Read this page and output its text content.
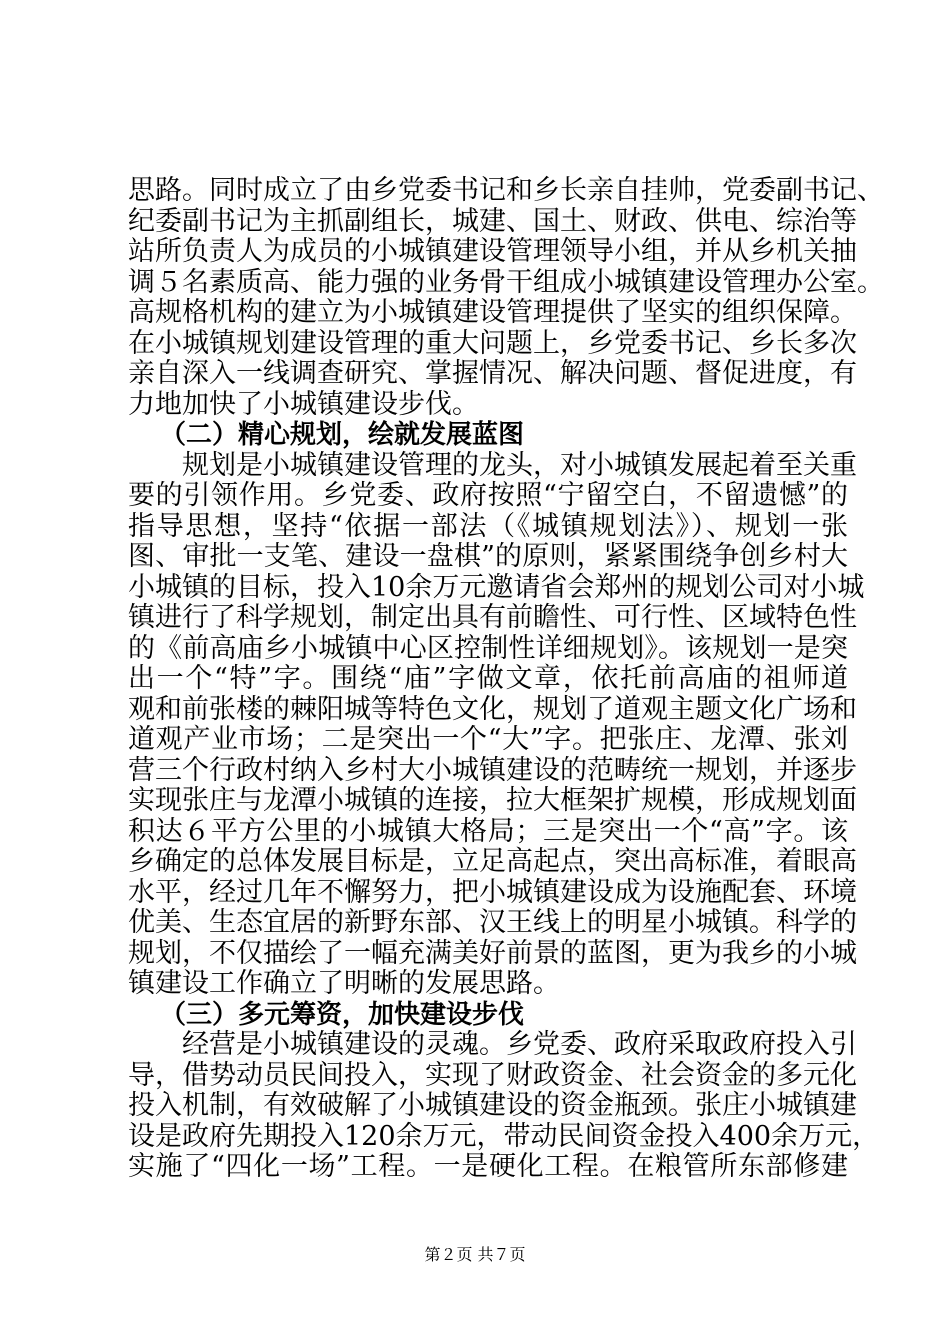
思路。同时成立了由乡党委书记和乡长亲自挂帅，党委副书记、
纪委副书记为主抓副组长，城建、国土、财政、供电、综治等
站所负责人为成员的小城镇建设管理领导小组，并从乡机关抽
调５名素质高、能力强的业务骨干组成小城镇建设管理办公室。
高规格机构的建立为小城镇建设管理提供了坚实的组织保障。
在小城镇规划建设管理的重大问题上，乡党委书记、乡长多次
亲自深入一线调查研究、掌握情况、解决问题、督促进度，有
力地加快了小城镇建设步伐。
（二）精心规划，绘就发展蓝图
规划是小城镇建设管理的龙头，对小城镇发展起着至关重
要的引领作用。乡党委、政府按照“宁留空白，不留遗憾”的
指导思想，坚持“依据一部法（《城镇规划法》）、规划一张
图、审批一支笔、建设一盘棋”的原则，紧紧围绕争创乡村大
小城镇的目标，投入10余万元邀请省会郑州的规划公司对小城
镇进行了科学规划，制定出具有前瞻性、可行性、区域特色性
的《前高庙乡小城镇中心区控制性详细规划》。该规划一是突
出一个“特”字。围绕“庙”字做文章，依托前高庙的祖师道
观和前张楼的棘阳城等特色文化，规划了道观主题文化广场和
道观产业市场；二是突出一个“大”字。把张庄、龙潭、张刘
营三个行政村纳入乡村大小城镇建设的范畴统一规划，并逐步
实现张庄与龙潭小城镇的连接，拉大框架扩规模，形成规划面
积达６平方公里的小城镇大格局；三是突出一个“高”字。该
乡确定的总体发展目标是，立足高起点，突出高标准，着眼高
水平，经过几年不懈努力，把小城镇建设成为设施配套、环境
优美、生态宜居的新野东部、汉王线上的明星小城镇。科学的
规划，不仅描绘了一幅充满美好前景的蓝图，更为我乡的小城
镇建设工作确立了明晰的发展思路。
（三）多元筹资，加快建设步伐
经营是小城镇建设的灵魂。乡党委、政府采取政府投入引
导，借势动员民间投入，实现了财政资金、社会资金的多元化
投入机制，有效破解了小城镇建设的资金瓶颈。张庄小城镇建
设是政府先期投入120余万元，带动民间资金投入400余万元，
实施了“四化一场”工程。一是硬化工程。在粮管所东部修建
第２页 共７页
